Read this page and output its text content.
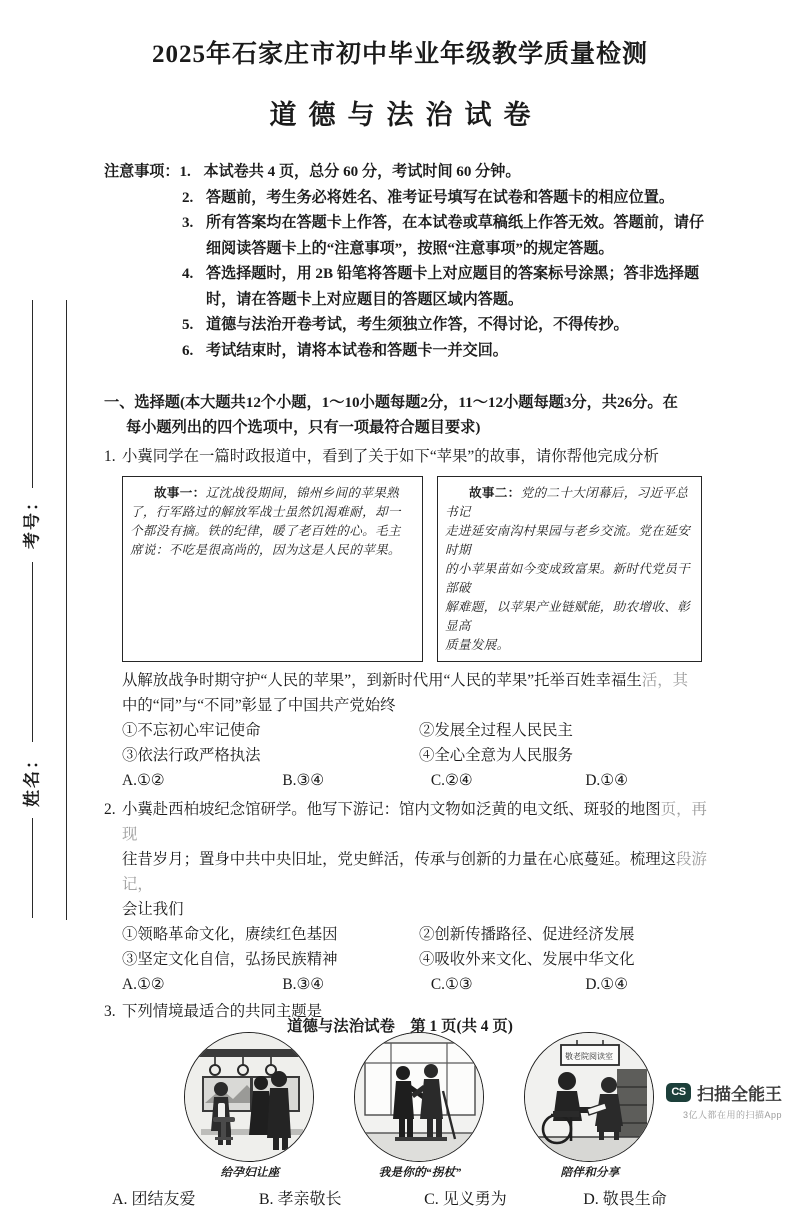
考号：
姓名：
2025年石家庄市初中毕业年级教学质量检测
道德与法治试卷
注意事项： 1. 本试卷共 4 页，总分 60 分，考试时间 60 分钟。
2. 答题前，考生务必将姓名、准考证号填写在试卷和答题卡的相应位置。
3. 所有答案均在答题卡上作答，在本试卷或草稿纸上作答无效。答题前，请仔
细阅读答题卡上的“注意事项”，按照“注意事项”的规定答题。
4. 答选择题时，用 2B 铅笔将答题卡上对应题目的答案标号涂黑；答非选择题
时，请在答题卡上对应题目的答题区域内答题。
5. 道德与法治开卷考试，考生须独立作答，不得讨论，不得传抄。
6. 考试结束时，请将本试卷和答题卡一并交回。
一、选择题(本大题共12个小题，1～10小题每题2分，11～12小题每题3分，共26分。在
每小题列出的四个选项中，只有一项最符合题目要求)
1. 小冀同学在一篇时政报道中，看到了关于如下“苹果”的故事，请你帮他完成分析
故事一：辽沈战役期间，锦州乡间的苹果熟
了，行军路过的解放军战士虽然饥渴难耐，却一
个都没有摘。铁的纪律，暖了老百姓的心。毛主
席说：不吃是很高尚的，因为这是人民的苹果。
故事二：党的二十大闭幕后，习近平总书记
走进延安南沟村果园与老乡交流。党在延安时期
的小苹果苗如今变成致富果。新时代党员干部破
解难题，以苹果产业链赋能，助农增收、彰显高
质量发展。
从解放战争时期守护“人民的苹果”，到新时代用“人民的苹果”托举百姓幸福生活，其
中的“同”与“不同”彰显了中国共产党始终
①不忘初心牢记使命	②发展全过程人民民主
③依法行政严格执法	④全心全意为人民服务
A.①②	B.③④	C.②④	D.①④
2. 小冀赴西柏坡纪念馆研学。他写下游记：馆内文物如泛黄的电文纸、斑驳的地图页，再现
往昔岁月；置身中共中央旧址，党史鲜活，传承与创新的力量在心底蔓延。梳理这段游记，
会让我们
①领略革命文化，赓续红色基因	②创新传播路径、促进经济发展
③坚定文化自信，弘扬民族精神	④吸收外来文化、发展中华文化
A.①②	B.③④	C.①③	D.①④
3. 下列情境最适合的共同主题是
给孕妇让座	我是你的“拐杖”
敬老院阅读室
陪伴和分享
A. 团结友爱	B. 孝亲敬长	C. 见义勇为	D. 敬畏生命
道德与法治试卷 第 1 页(共 4 页)
CS 扫描全能王
3亿人都在用的扫描App
